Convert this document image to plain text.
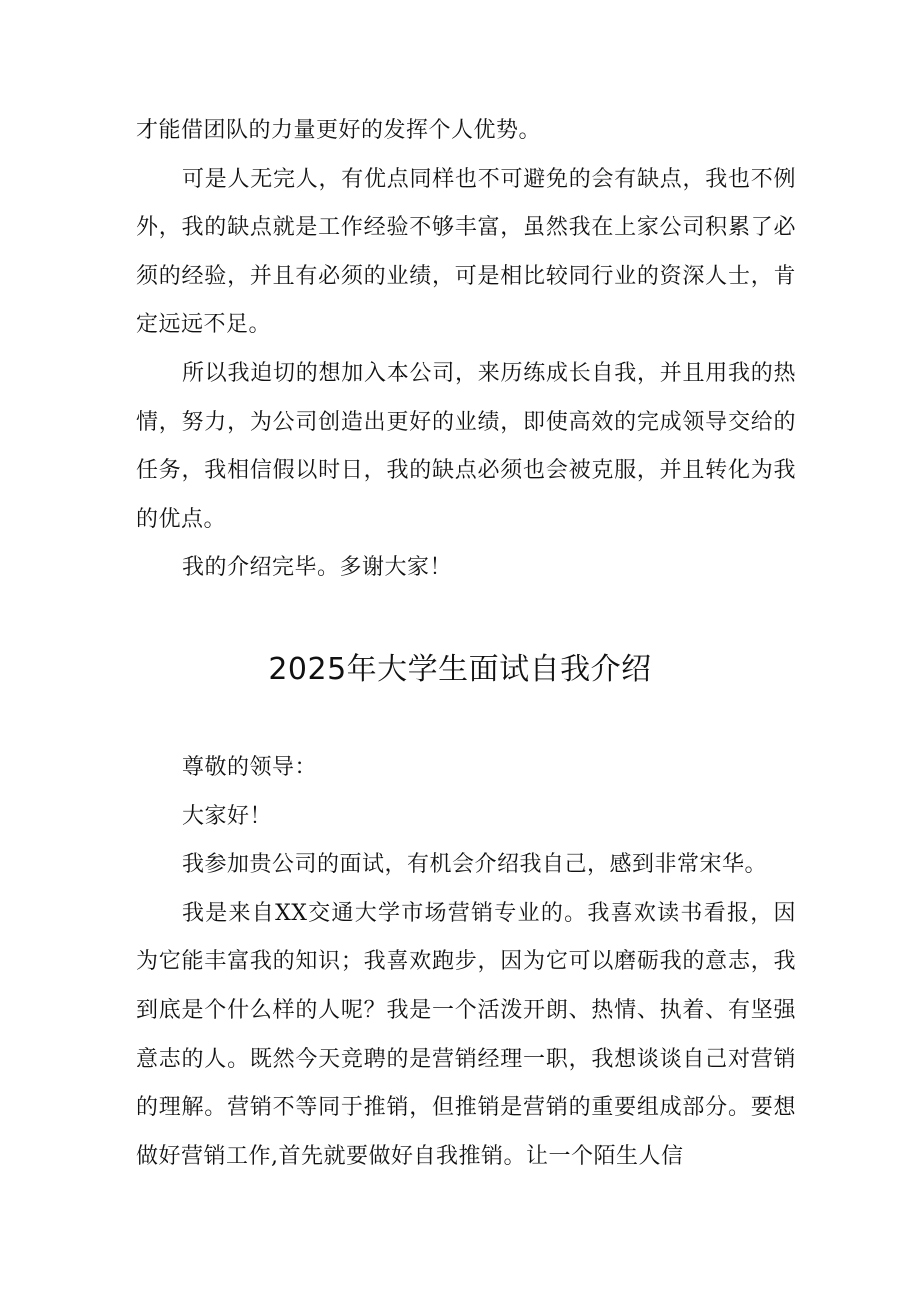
才能借团队的力量更好的发挥个人优势。

可是人无完人，有优点同样也不可避免的会有缺点，我也不例外，我的缺点就是工作经验不够丰富，虽然我在上家公司积累了必须的经验，并且有必须的业绩，可是相比较同行业的资深人士，肯定远远不足。

所以我迫切的想加入本公司，来历练成长自我，并且用我的热情，努力，为公司创造出更好的业绩，即使高效的完成领导交给的任务，我相信假以时日，我的缺点必须也会被克服，并且转化为我的优点。

我的介绍完毕。多谢大家！

2025年大学生面试自我介绍

尊敬的领导：

大家好！

我参加贵公司的面试，有机会介绍我自己，感到非常宋华。

我是来自XX交通大学市场营销专业的。我喜欢读书看报，因为它能丰富我的知识；我喜欢跑步，因为它可以磨砺我的意志，我到底是个什么样的人呢？我是一个活泼开朗、热情、执着、有坚强意志的人。既然今天竞聘的是营销经理一职，我想谈谈自己对营销的理解。营销不等同于推销，但推销是营销的重要组成部分。要想做好营销工作,首先就要做好自我推销。让一个陌生人信
